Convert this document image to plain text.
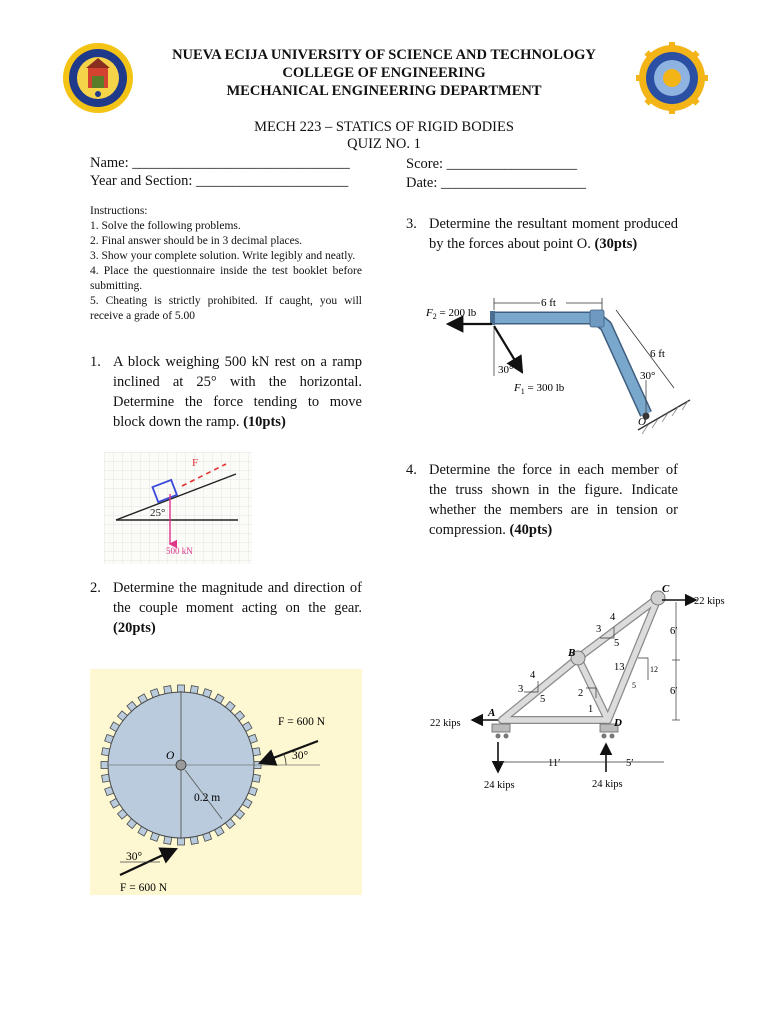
NUEVA ECIJA UNIVERSITY OF SCIENCE AND TECHNOLOGY
COLLEGE OF ENGINEERING
MECHANICAL ENGINEERING DEPARTMENT
MECH 223 – STATICS OF RIGID BODIES
QUIZ NO. 1
Name: ______________________________
Year and Section: _____________________
Score: __________________
Date: ____________________
Instructions:
1. Solve the following problems.
2. Final answer should be in 3 decimal places.
3. Show your complete solution. Write legibly and neatly.
4. Place the questionnaire inside the test booklet before submitting.
5. Cheating is strictly prohibited. If caught, you will receive a grade of 5.00
1. A block weighing 500 kN rest on a ramp inclined at 25° with the horizontal. Determine the force tending to move block down the ramp. (10pts)
F
25°
500 kN
2. Determine the magnitude and direction of the couple moment acting on the gear. (20pts)
F = 600 N
30°
O
0.2 m
30°
F = 600 N
3. Determine the resultant moment produced by the forces about point O. (30pts)
6 ft
6 ft
$F_2 = 200$ lb
30°
$F_1 = 300$ lb
30°
O
4. Determine the force in each member of the truss shown in the figure. Indicate whether the members are in tension or compression. (40pts)
22 kips
22 kips
24 kips	24 kips
11′	5′
6′
6′
4
3
5
4
3
5
2
1
13	12
5
A
B
C
D
